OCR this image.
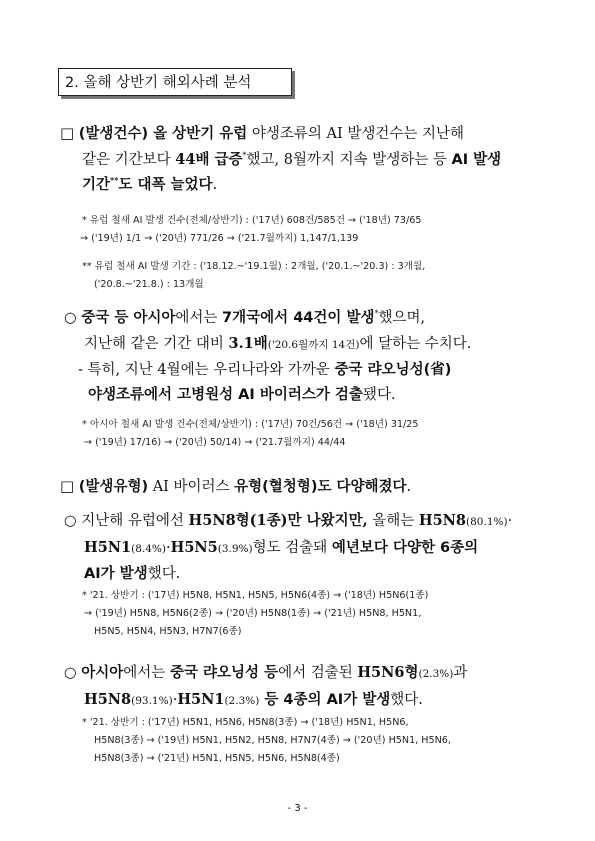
2. 올해 상반기 해외사례 분석
□ (발생건수) 올 상반기 유럽 야생조류의 AI 발생건수는 지난해
같은 기간보다 44배 급증*했고, 8월까지 지속 발생하는 등 AI 발생
기간**도 대폭 늘었다.
* 유럽 철새 AI 발생 건수(전체/상반기) : ('17년) 608건/585건 → ('18년) 73/65
→ ('19년) 1/1 → ('20년) 771/26 → ('21.7월까지) 1,147/1,139
** 유럽 철새 AI 발생 기간 : ('18.12.~'19.1월) : 2개월, ('20.1.~'20.3) : 3개월,
('20.8.~'21.8.) : 13개월
○ 중국 등 아시아에서는 7개국에서 44건이 발생*했으며,
지난해 같은 기간 대비 3.1배('20.6월까지 14건)에 달하는 수치다.
- 특히, 지난 4월에는 우리나라와 가까운 중국 랴오닝성(省)
야생조류에서 고병원성 AI 바이러스가 검출됐다.
* 아시아 철새 AI 발생 건수(전체/상반기) : ('17년) 70건/56건 → ('18년) 31/25
→ ('19년) 17/16) → ('20년) 50/14) → ('21.7월까지) 44/44
□ (발생유형) AI 바이러스 유형(혈청형)도 다양해졌다.
○ 지난해 유럽에선 H5N8형(1종)만 나왔지만, 올해는 H5N8(80.1%)·
H5N1(8.4%)·H5N5(3.9%)형도 검출돼 예년보다 다양한 6종의
AI가 발생했다.
* '21. 상반기 : ('17년) H5N8, H5N1, H5N5, H5N6(4종) → ('18년) H5N6(1종)
→ ('19년) H5N8, H5N6(2종) → ('20년) H5N8(1종) → ('21년) H5N8, H5N1,
H5N5, H5N4, H5N3, H7N7(6종)
○ 아시아에서는 중국 랴오닝성 등에서 검출된 H5N6형(2.3%)과
H5N8(93.1%)·H5N1(2.3%) 등 4종의 AI가 발생했다.
* '21. 상반기 : ('17년) H5N1, H5N6, H5N8(3종) → ('18년) H5N1, H5N6,
H5N8(3종) → ('19년) H5N1, H5N2, H5N8, H7N7(4종) → ('20년) H5N1, H5N6,
H5N8(3종) → ('21년) H5N1, H5N5, H5N6, H5N8(4종)
- 3 -
